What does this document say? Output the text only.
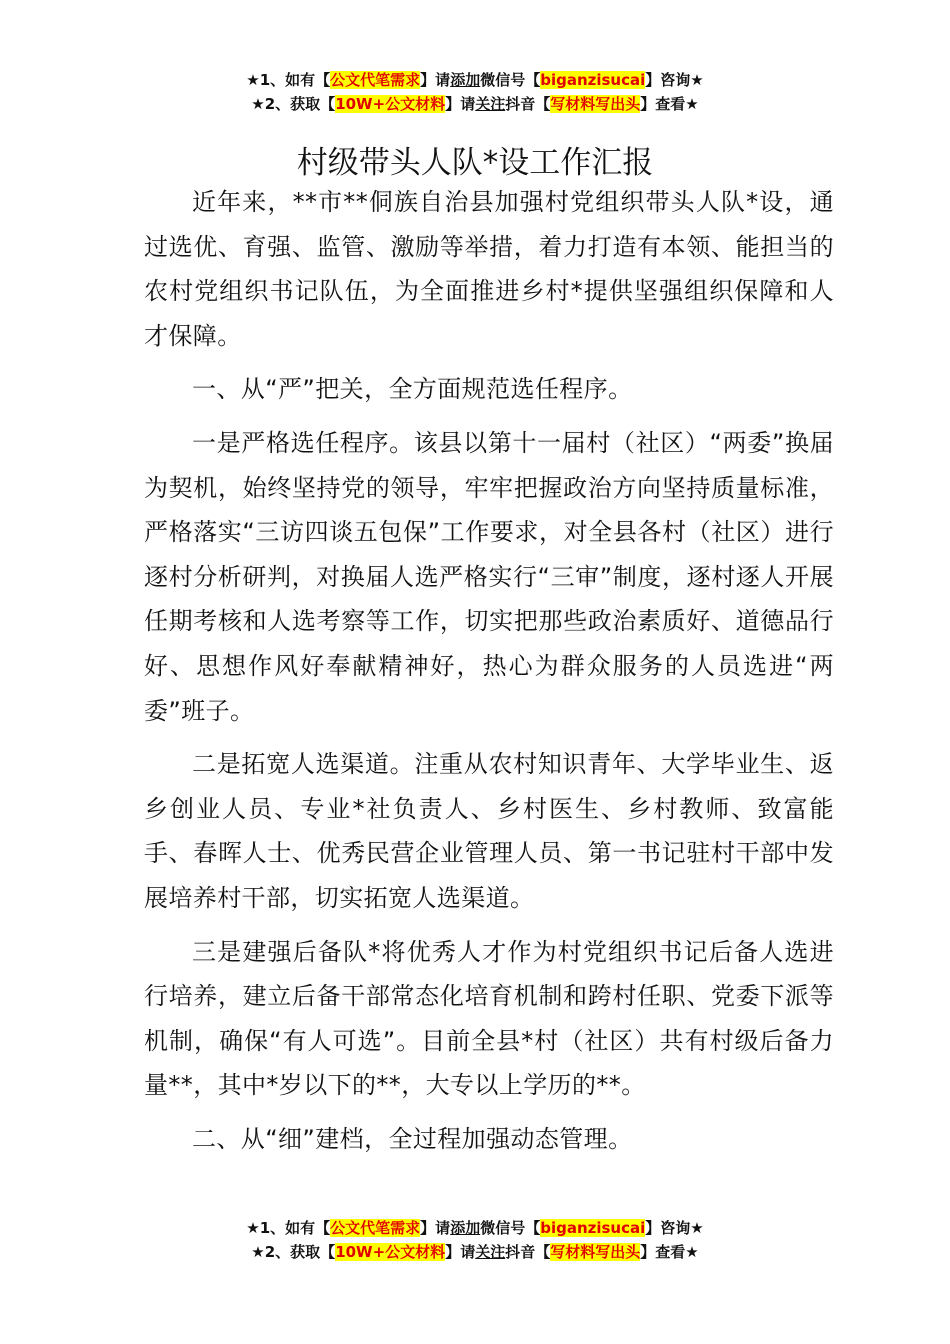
★1、如有【公文代笔需求】请添加微信号【biganzisucai】咨询★
★2、获取【10W+公文材料】请关注抖音【写材料写出头】查看★
村级带头人队*设工作汇报

近年来，**市**侗族自治县加强村党组织带头人队*设，通过选优、育强、监管、激励等举措，着力打造有本领、能担当的农村党组织书记队伍，为全面推进乡村*提供坚强组织保障和人才保障。

一、从“严”把关，全方面规范选任程序。

一是严格选任程序。该县以第十一届村（社区）“两委”换届为契机，始终坚持党的领导，牢牢把握政治方向坚持质量标准，严格落实“三访四谈五包保”工作要求，对全县各村（社区）进行逐村分析研判，对换届人选严格实行“三审”制度，逐村逐人开展任期考核和人选考察等工作，切实把那些政治素质好、道德品行好、思想作风好奉献精神好，热心为群众服务的人员选进“两委”班子。

二是拓宽人选渠道。注重从农村知识青年、大学毕业生、返乡创业人员、专业*社负责人、乡村医生、乡村教师、致富能手、春晖人士、优秀民营企业管理人员、第一书记驻村干部中发展培养村干部，切实拓宽人选渠道。

三是建强后备队*将优秀人才作为村党组织书记后备人选进行培养，建立后备干部常态化培育机制和跨村任职、党委下派等机制，确保“有人可选”。目前全县*村（社区）共有村级后备力量**，其中*岁以下的**，大专以上学历的**。

二、从“细”建档，全过程加强动态管理。

★1、如有【公文代笔需求】请添加微信号【biganzisucai】咨询★
★2、获取【10W+公文材料】请关注抖音【写材料写出头】查看★
